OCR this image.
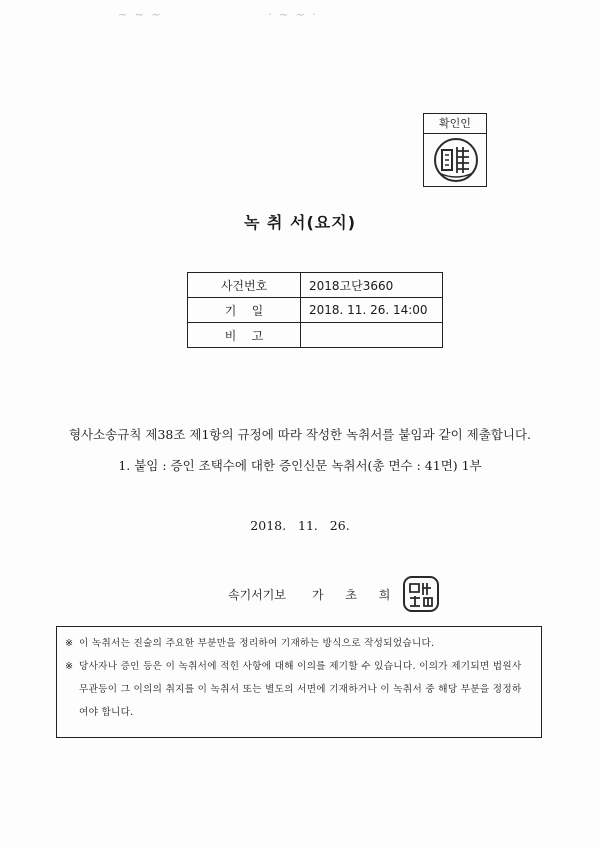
~ ~ ~	· ~ ~ ·
확인인
녹 취 서(요지)
사건번호	2018고단3660
기    일	2018. 11. 26. 14:00
비    고	
형사소송규칙 제38조 제1항의 규정에 따라 작성한 녹취서를 붙임과 같이 제출합니다.
1. 붙임 : 증인 조택수에 대한 증인신문 녹취서(총 면수 : 41면) 1부
2018.   11.   26.
속기서기보 가 초 희
※ 이 녹취서는 진술의 주요한 부분만을 정리하여 기재하는 방식으로 작성되었습니다.
※ 당사자나 증인 등은 이 녹취서에 적힌 사항에 대해 이의를 제기할 수 있습니다. 이의가 제기되면 법원사무관등이 그 이의의 취지를 이 녹취서 또는 별도의 서면에 기재하거나 이 녹취서 중 해당 부분을 정정하여야 합니다.
